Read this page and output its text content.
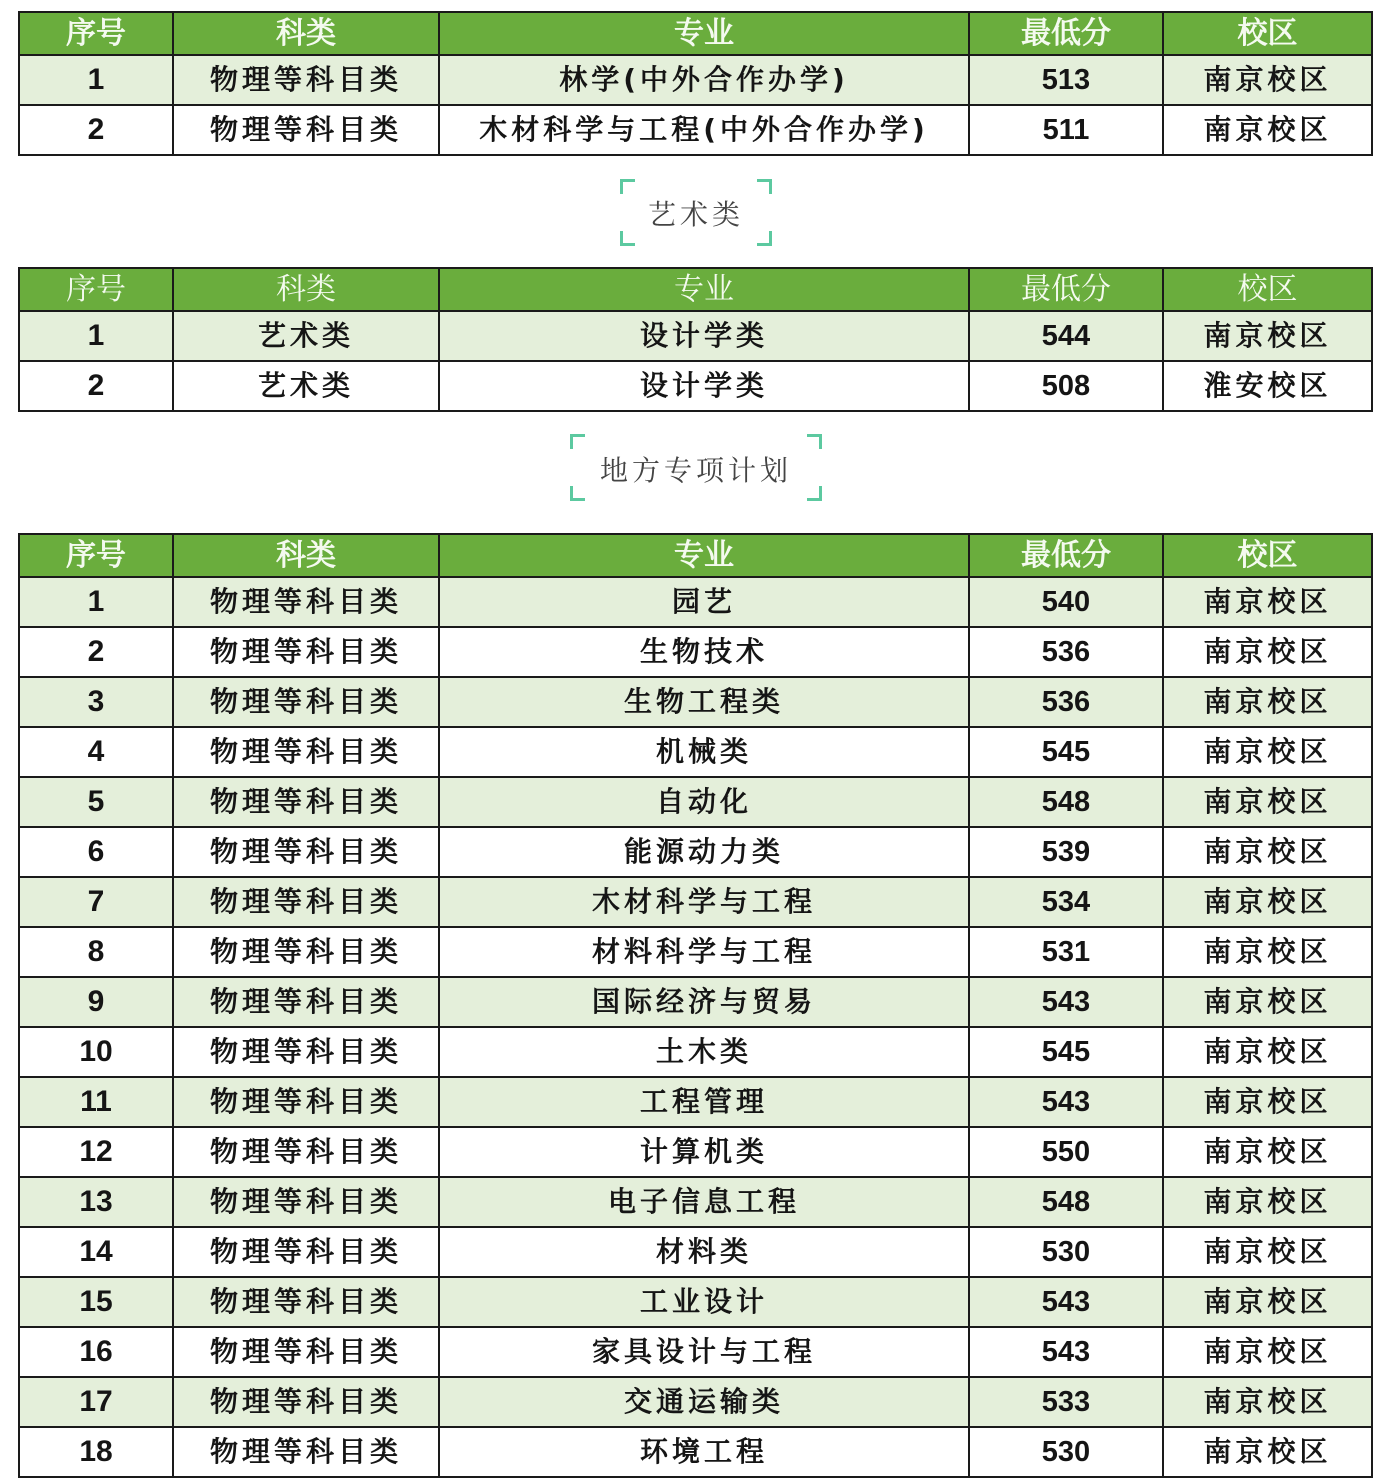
序号	科类	专业	最低分	校区
1	物理等科目类	林学(中外合作办学)	513	南京校区
2	物理等科目类	木材科学与工程(中外合作办学)	511	南京校区
艺术类
序号	科类	专业	最低分	校区
1	艺术类	设计学类	544	南京校区
2	艺术类	设计学类	508	淮安校区
地方专项计划
序号	科类	专业	最低分	校区
1	物理等科目类	园艺	540	南京校区
2	物理等科目类	生物技术	536	南京校区
3	物理等科目类	生物工程类	536	南京校区
4	物理等科目类	机械类	545	南京校区
5	物理等科目类	自动化	548	南京校区
6	物理等科目类	能源动力类	539	南京校区
7	物理等科目类	木材科学与工程	534	南京校区
8	物理等科目类	材料科学与工程	531	南京校区
9	物理等科目类	国际经济与贸易	543	南京校区
10	物理等科目类	土木类	545	南京校区
11	物理等科目类	工程管理	543	南京校区
12	物理等科目类	计算机类	550	南京校区
13	物理等科目类	电子信息工程	548	南京校区
14	物理等科目类	材料类	530	南京校区
15	物理等科目类	工业设计	543	南京校区
16	物理等科目类	家具设计与工程	543	南京校区
17	物理等科目类	交通运输类	533	南京校区
18	物理等科目类	环境工程	530	南京校区
